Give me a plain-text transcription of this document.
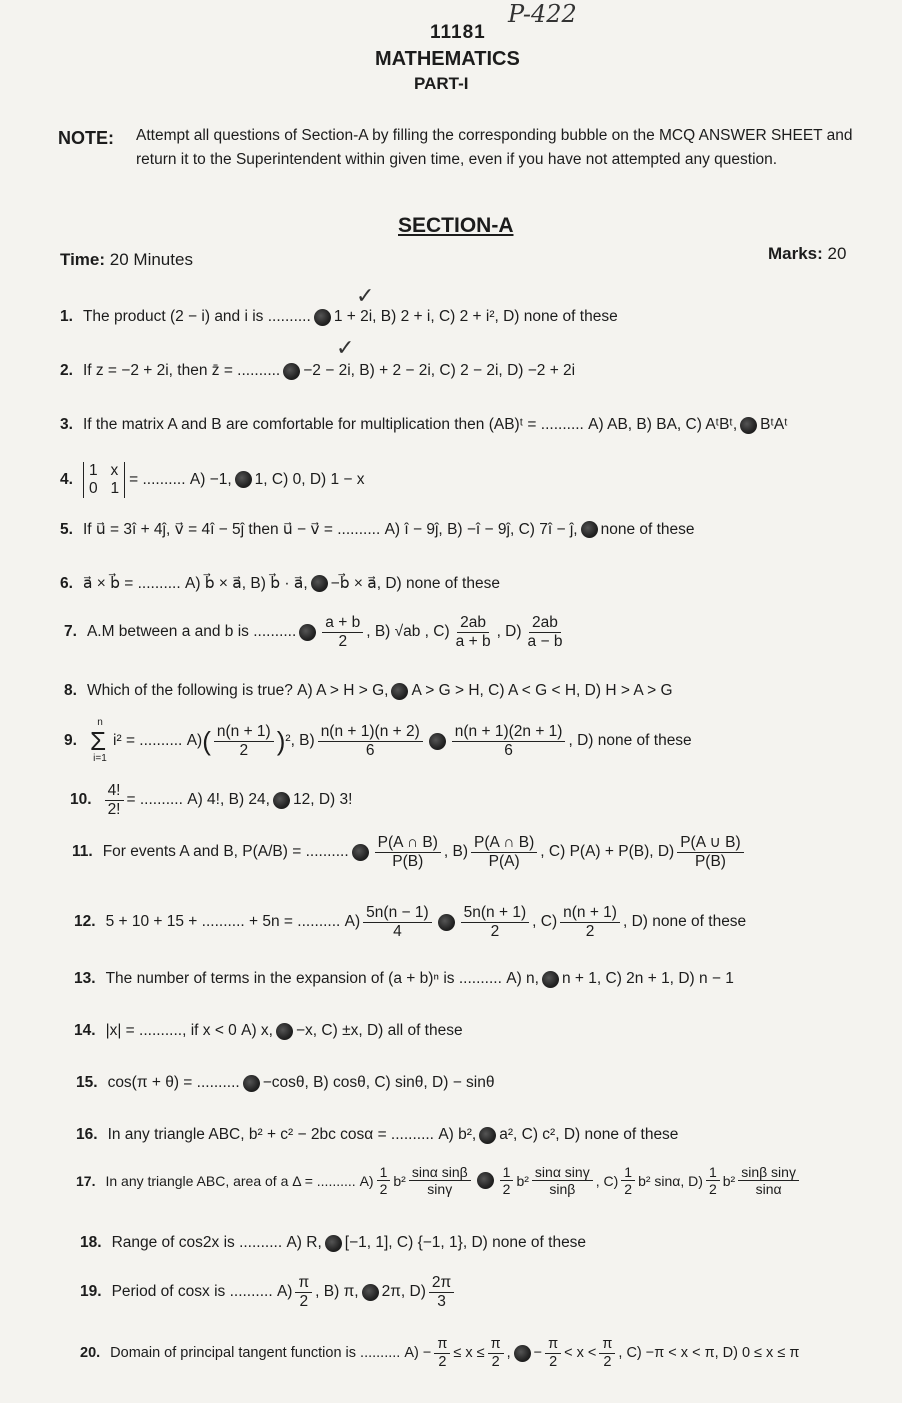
P-422
11181
MATHEMATICS
PART-I
NOTE: Attempt all questions of Section-A by filling the corresponding bubble on the MCQ ANSWER SHEET and return it to the Superintendent within given time, even if you have not attempted any question.
SECTION-A
Time: 20 Minutes	Marks: 20
1. The product (2 − i) and i is .......... 1 + 2i,
B) 2 + i,
C) 2 + i²,
D) none of these
✓
2. If z = −2 + 2i, then z̄ = .......... −2 − 2i,
B) + 2 − 2i,
C) 2 − 2i,
D) −2 + 2i
✓
3. If the matrix A and B are comfortable for multiplication then (AB)ᵗ = ..........
A) AB,
B) BA,
C) AᵗBᵗ, BᵗAᵗ
4.
1 x
0 1
= ..........
A) −1, 1,
C) 0,
D) 1 − x
5. If u⃗ = 3î + 4ĵ, v⃗ = 4î − 5ĵ then u⃗ − v⃗ = ..........
A) î − 9ĵ,
B) −î − 9ĵ,
C) 7î − ĵ, none of these
6. a⃗ × b⃗ = ..........
A) b⃗ × a⃗,
B) b⃗ · a⃗, −b⃗ × a⃗,
D) none of these
7. A.M between a and b is .......... $\frac{a + b}{2}$ , B) √ab ,
$C) \frac{2ab}{a + b}$ , $D) \frac{2ab}{a - b}$
8. Which of the following is true?
A) A > H > G, A > G > H,
C) A < G < H,
D) H > A > G
9.
n
Σ
i=1
i²
= ..........
A) ( $\frac{n(n + 1)}{2}$ ) ² , $B) \frac{n(n + 1)(n + 2)}{6} \frac{n(n + 1)(2n + 1)}{6}$ , D) none of these
10. $\frac{4!}{2!}$ = ..........
A) 4!,
B) 24, 12,
D) 3!
11. For events A and B, P(A/B) = .......... $\frac{P(A \cap B)}{P(B)}$ , $B) \frac{P(A \cap B)}{P(A)}$ , C) P(A) + P(B), $D) \frac{P(A \cup B)}{P(B)}$
12. 5 + 10 + 15 + .......... + 5n = ..........
$A) \frac{5n(n - 1)}{4} \frac{5n(n + 1)}{2}$ , $C) \frac{n(n + 1)}{2}$ , D) none of these
13. The number of terms in the expansion of (a + b)ⁿ is ..........
A) n, n + 1,
C) 2n + 1,
D) n − 1
14. |x| = .........., if x < 0
A) x, −x,
C) ±x,
D) all of these
15. cos(π + θ) = .......... −cosθ,
B) cosθ,
C) sinθ,
D) − sinθ
16. In any triangle ABC, b² + c² − 2bc cosα = ..........
A) b², a²,
C) c²,
D) none of these
17. In any triangle ABC, area of a Δ = ..........
$A) \frac{1}{2} b^2 \frac{\text{sinα sinβ}}{\sin\gamma} \frac{1}{2} b^2 \frac{\text{sinα sinγ}}{\sin\beta}$ , $C) \frac{1}{2} b^2$ sinα,
$D) \frac{1}{2} b^2 \frac{\text{sinβ sinγ}}{\sin\alpha}$
18. Range of cos2x is ..........
A) R, [−1, 1],
C) {−1, 1},
D) none of these
19. Period of cosx is ..........
$A) \frac{\pi}{2}$ , B) π, 2π,
$D) \frac{2\pi}{3}$
20. Domain of principal tangent function is ..........
$A) - \frac{\pi}{2} \le x \le \frac{\pi}{2}$ ,
− $\frac{\pi}{2} < x < \frac{\pi}{2}$ , C) −π < x < π,
D) 0 ≤ x ≤ π
